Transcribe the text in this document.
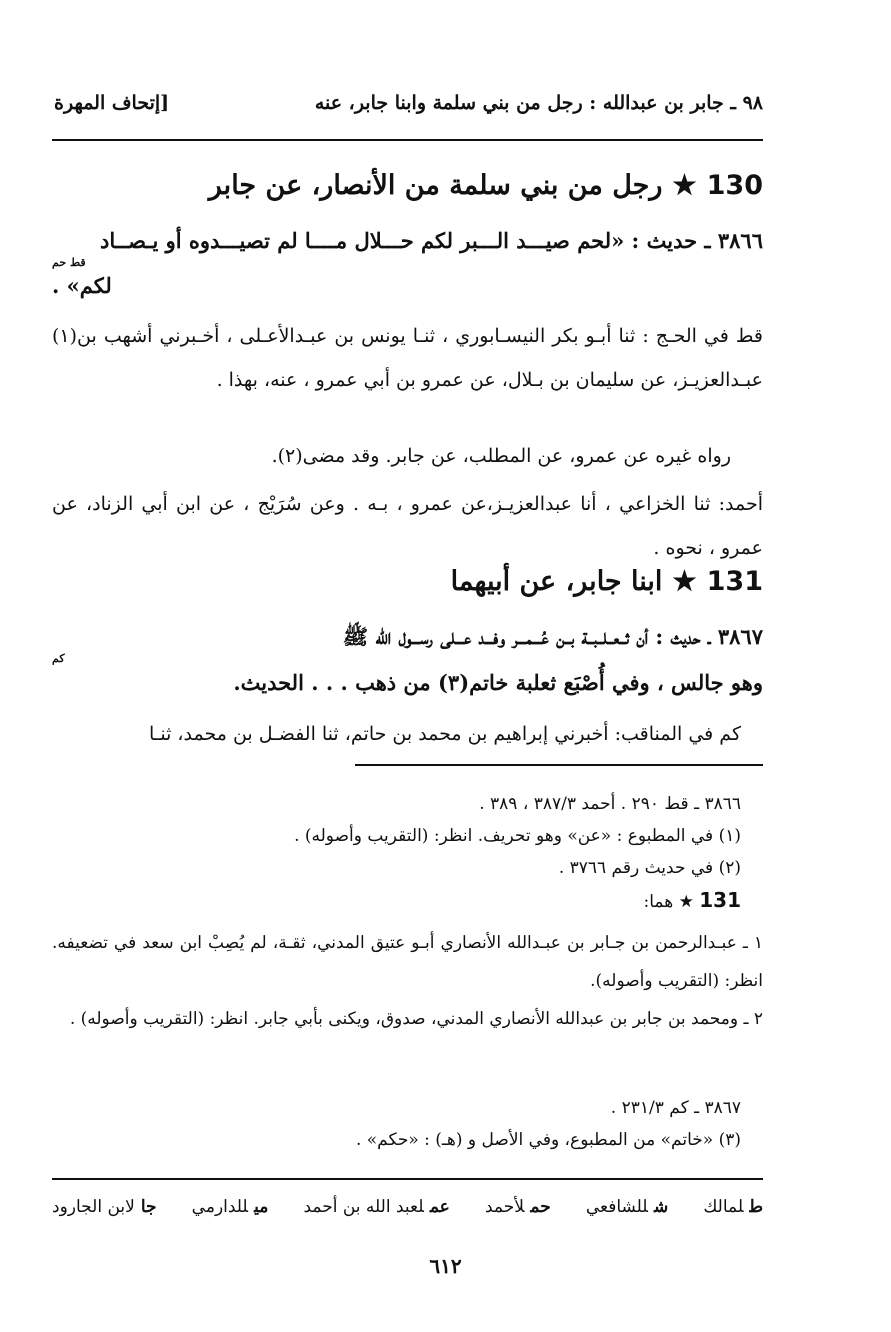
٩٨ ـ جابر بن عبدالله : رجل من بني سلمة وابنا جابر، عنه
[إتحاف المهرة
130★رجل من بني سلمة من الأنصار، عن جابر
٣٨٦٦ ـ حديث : «لحم صيـــد الـــبر لكم حـــلال مــــا لم تصيـــدوه أو يـصــاد
قط حم
لكم» .
قط في الحـج : ثنا أبـو بكر النيسـابوري ، ثنـا يونس بن عبـدالأعـلى ، أخـبرني أشهب بن(١) عبـدالعزيـز، عن سليمان بن بـلال، عن عمرو بن أبي عمرو ، عنه، بهذا .
رواه غيره عن عمرو، عن المطلب، عن جابر. وقد مضى(٢).
أحمد: ثنا الخزاعي ، أنا عبدالعزيـز،عن عمرو ، بـه . وعن سُرَيْج ، عن ابن أبي الزناد، عن عمرو ، نحوه .
131★ابنا جابر، عن أبيهما
٣٨٦٧ ـ حديث : أن ثــعــلــبــة بــن عُـــمـــر وفـــد عـــلى رســـول الله ﷺ
كم
وهو جالس ، وفي أُصْبَع ثعلبة خاتم(٣) من ذهب . . . الحديث.
كم في المناقب: أخبرني إبراهيم بن محمد بن حاتم، ثنا الفضـل بن محمد، ثنـا
٣٨٦٦ ـ قط ٢٩٠ . أحمد ٣٨٧/٣ ، ٣٨٩ .
(١) في المطبوع : «عن» وهو تحريف. انظر: (التقريب وأصوله) .
(٢) في حديث رقم ٣٧٦٦ .
131 ★ هما:
١ ـ عبـدالرحمن بن جـابر بن عبـدالله الأنصاري أبـو عتيق المدني، ثقـة، لم يُصِبْ ابن سعد في تضعيفه. انظر: (التقريب وأصوله).
٢ ـ ومحمد بن جابر بن عبدالله الأنصاري المدني، صدوق، ويكنى بأبي جابر. انظر: (التقريب وأصوله) .
٣٨٦٧ ـ كم ٢٣١/٣ .
(٣) «خاتم» من المطبوع، وفي الأصل و (هـ) : «حكم» .
طلمالك
شللشافعي
حملأحمد
عملعبد الله بن أحمد
ميللدارمي
جالابن الجارود
٦١٢
